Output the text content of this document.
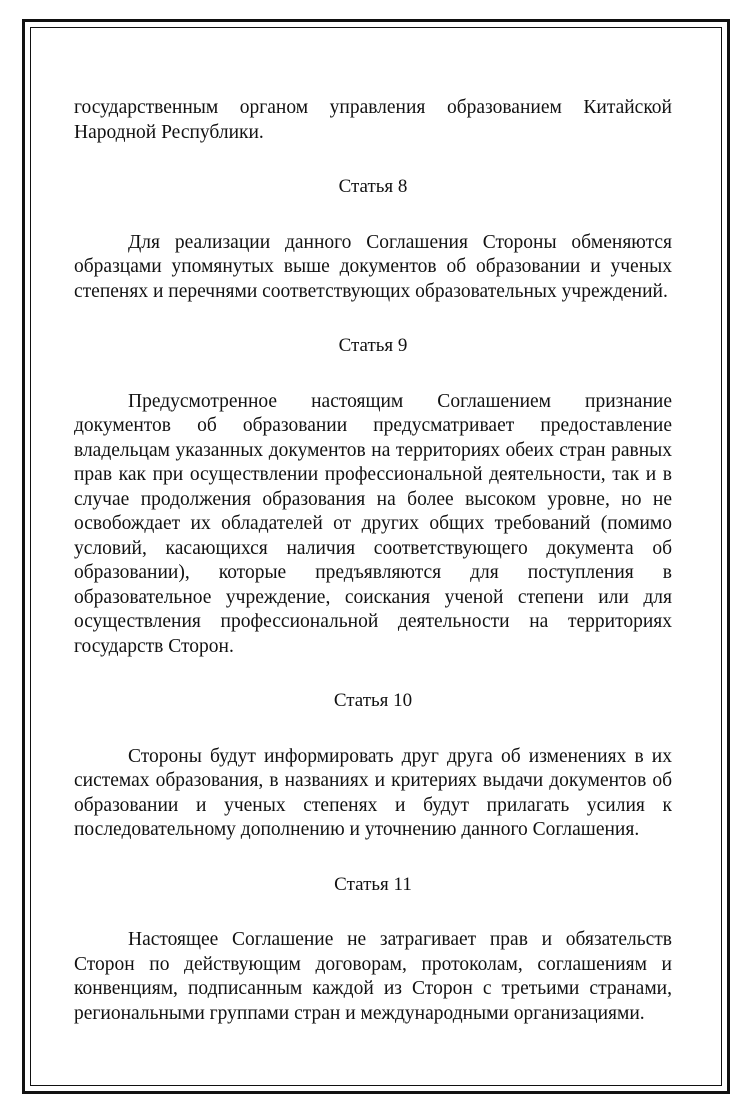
государственным органом управления образованием Китайской Народной Республики.

Статья 8

Для реализации данного Соглашения Стороны обменяются образцами упомянутых выше документов об образовании и ученых степенях и перечнями соответствующих образовательных учреждений.

Статья 9

Предусмотренное настоящим Соглашением признание документов об образовании предусматривает предоставление владельцам указанных документов на территориях обеих стран равных прав как при осуществлении профессиональной деятельности, так и в случае продолжения образования на более высоком уровне, но не освобождает их обладателей от других общих требований (помимо условий, касающихся наличия соответствующего документа об образовании), которые предъявляются для поступления в образовательное учреждение, соискания ученой степени или для осуществления профессиональной деятельности на территориях государств Сторон.

Статья 10

Стороны будут информировать друг друга об изменениях в их системах образования, в названиях и критериях выдачи документов об образовании и ученых степенях и будут прилагать усилия к последовательному дополнению и уточнению данного Соглашения.

Статья 11

Настоящее Соглашение не затрагивает прав и обязательств Сторон по действующим договорам, протоколам, соглашениям и конвенциям, подписанным каждой из Сторон с третьими странами, региональными группами стран и международными организациями.
